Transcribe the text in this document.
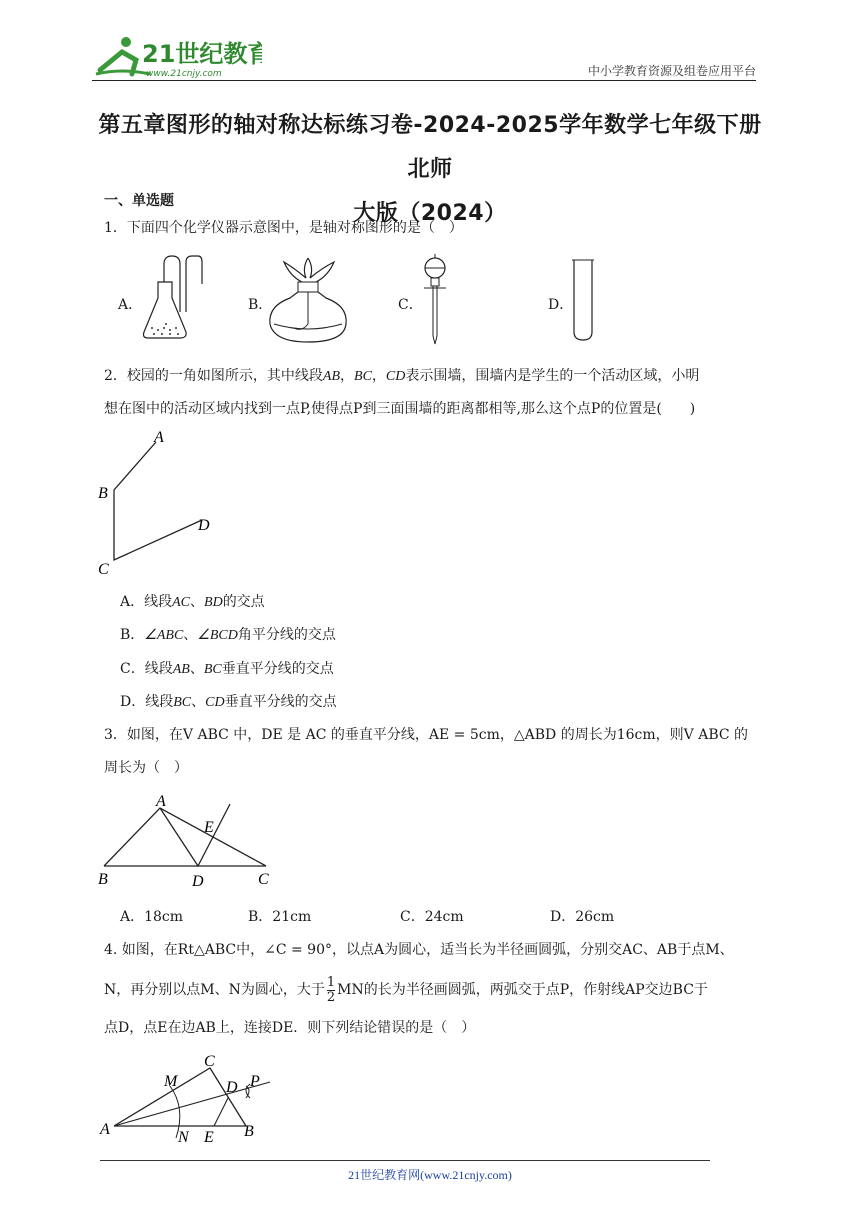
21世纪教育
www.21cnjy.com	中小学教育资源及组卷应用平台
第五章图形的轴对称达标练习卷-2024-2025学年数学七年级下册北师
大版（2024）
一、单选题
1．下面四个化学仪器示意图中，是轴对称图形的是（　）
A．	B．	C．	D．
2．校园的一角如图所示，其中线段AB，BC，CD表示围墙，围墙内是学生的一个活动区域，小明
想在图中的活动区域内找到一点P,使得点P到三面围墙的距离都相等,那么这个点P的位置是(　　)
A
B
C
D
A．线段AC、BD的交点
B．∠ABC、∠BCD角平分线的交点
C．线段AB、BC垂直平分线的交点
D．线段BC、CD垂直平分线的交点
3．如图，在V ABC 中，DE 是 AC 的垂直平分线，AE = 5cm，△ABD 的周长为16cm，则V ABC 的
周长为（　）
A
E
B	D	C
A．18cm	B．21cm	C．24cm	D．26cm
4. 如图，在Rt△ABC中，∠C = 90°，以点A为圆心，适当长为半径画圆弧，分别交AC、AB于点M、
N，再分别以点M、N为圆心，大于 $\frac{1}{2}$ MN的长为半径画圆弧，两弧交于点P，作射线AP交边BC于
点D，点E在边AB上，连接DE．则下列结论错误的是（　）
C
M	D P
A	N E B
21世纪教育网(www.21cnjy.com)
